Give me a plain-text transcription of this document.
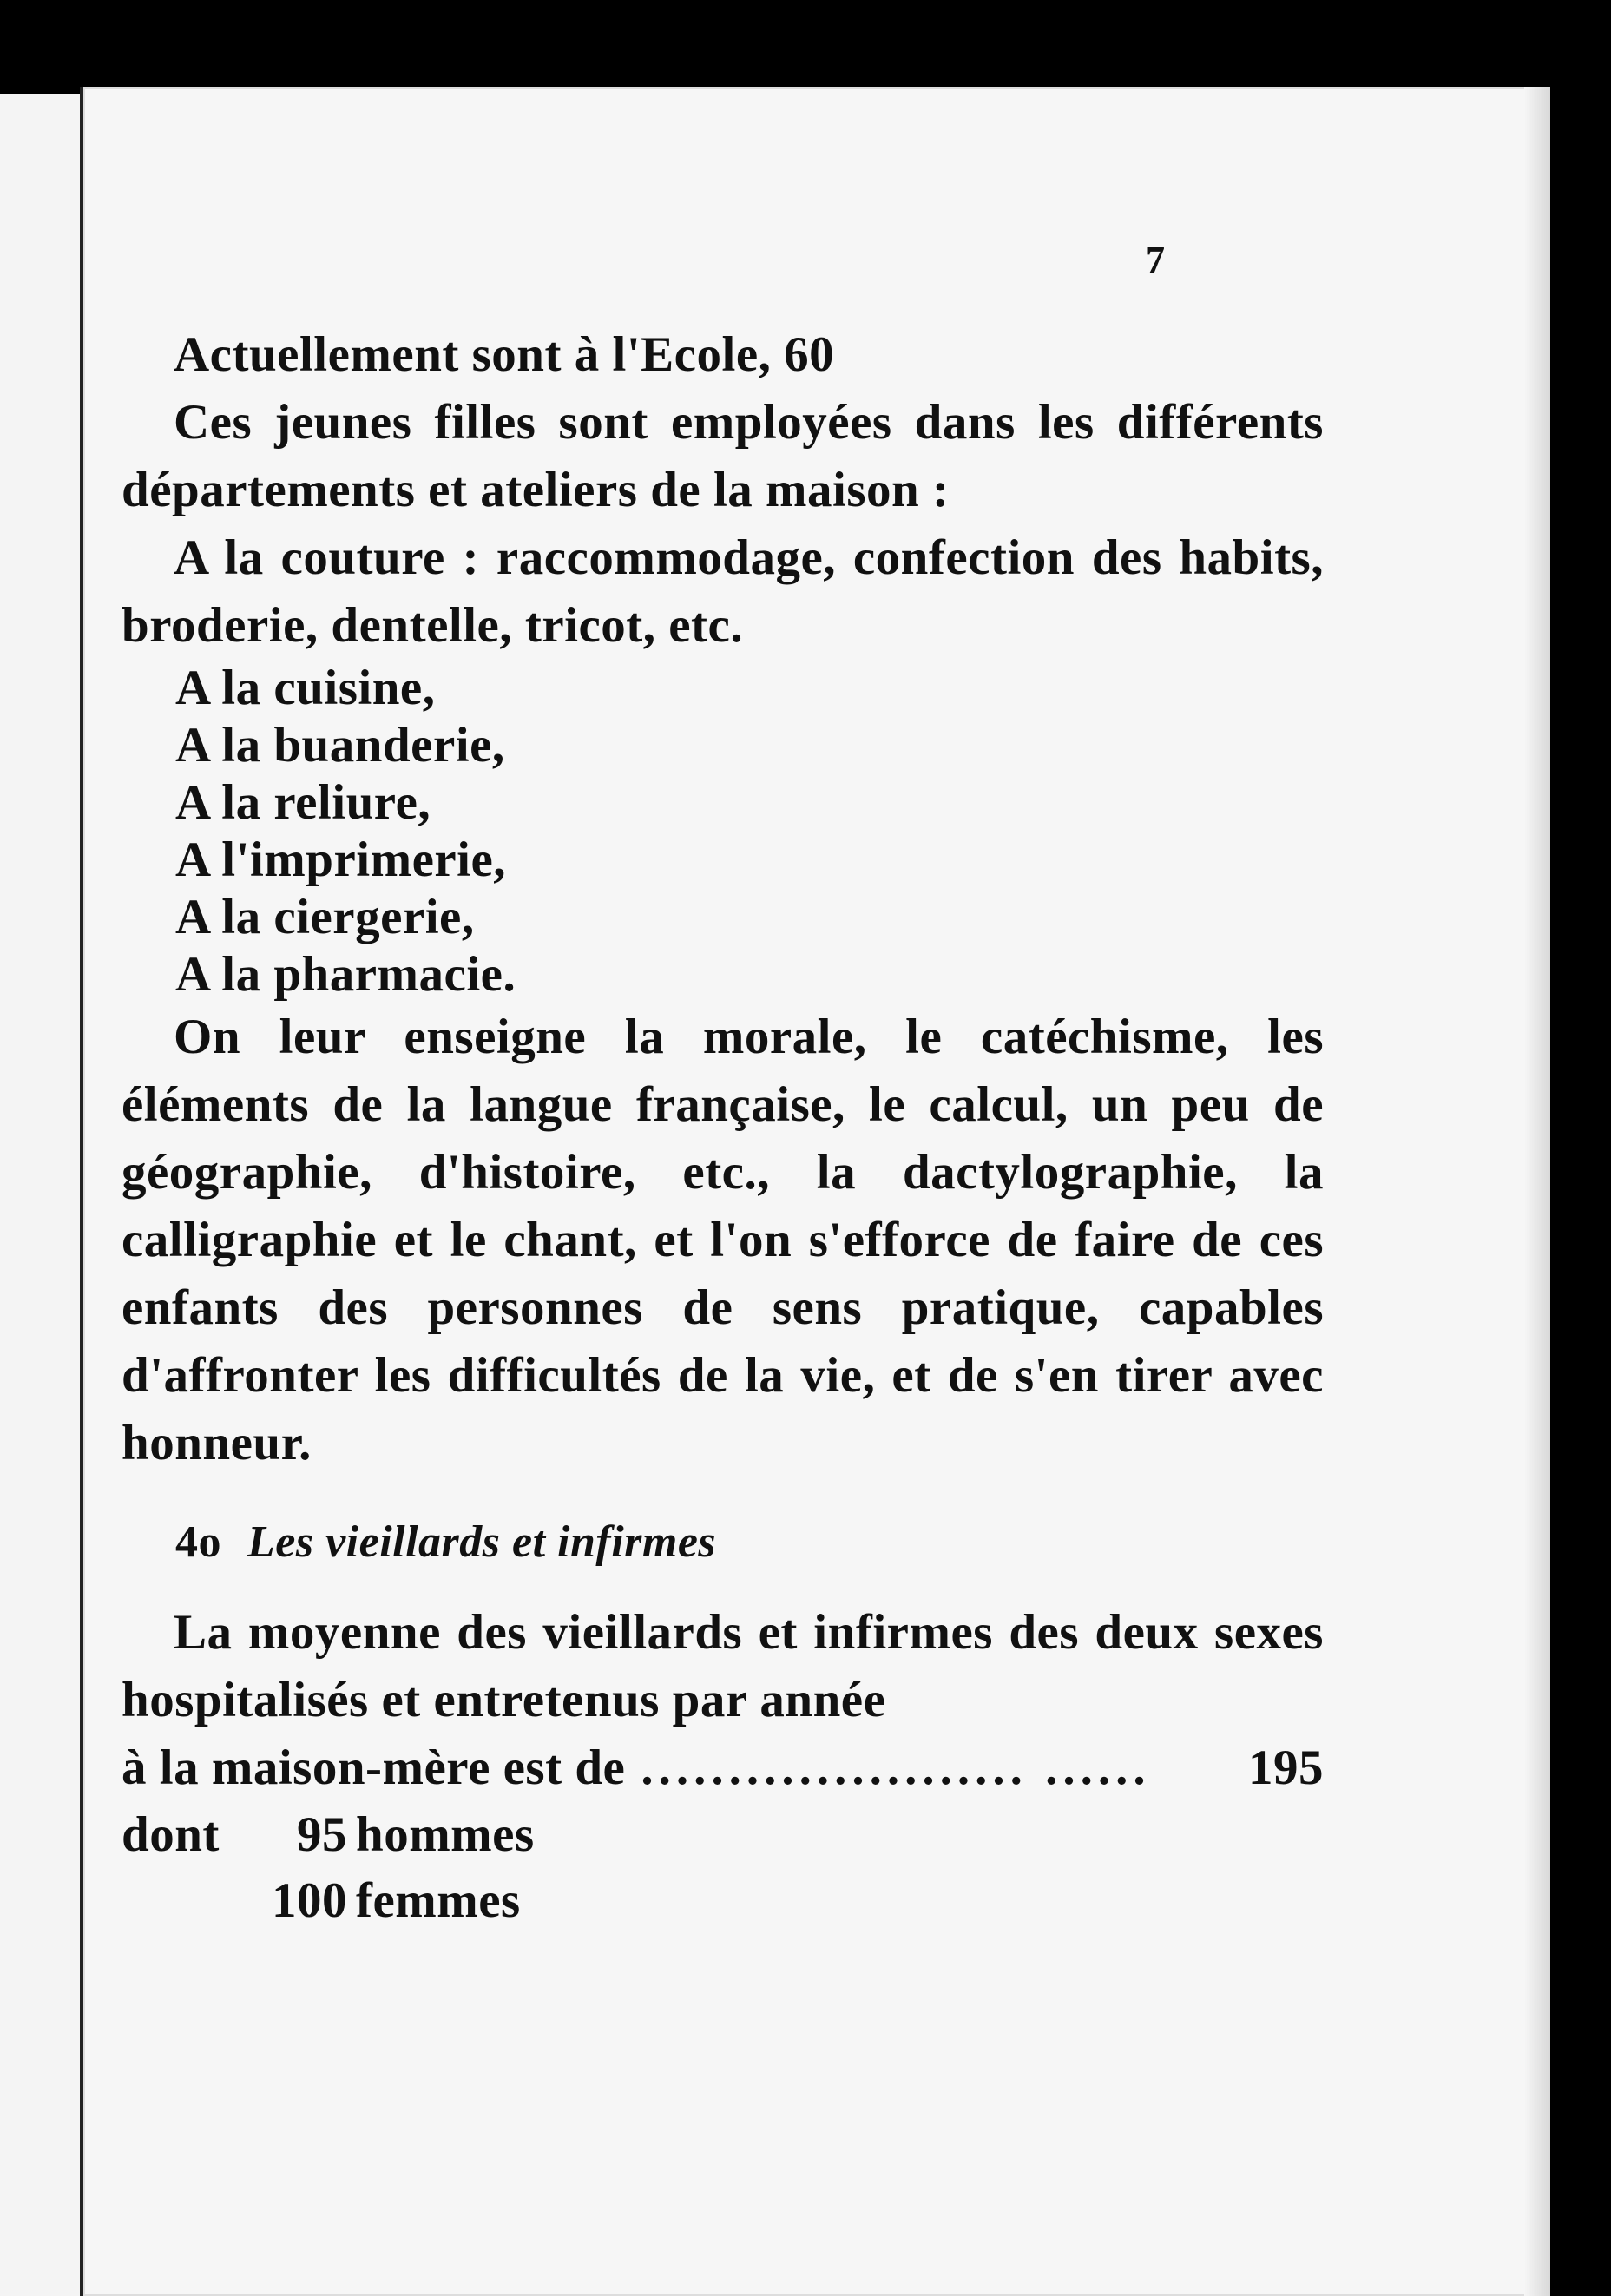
7

Actuellement sont à l'Ecole, 60

Ces jeunes filles sont employées dans les différents départements et ateliers de la maison :

A la couture : raccommodage, confection des habits, broderie, dentelle, tricot, etc.

A la cuisine,
A la buanderie,
A la reliure,
A l'imprimerie,
A la ciergerie,
A la pharmacie.

On leur enseigne la morale, le catéchisme, les éléments de la langue française, le calcul, un peu de géographie, d'histoire, etc., la dactylographie, la calligraphie et le chant, et l'on s'efforce de faire de ces enfants des personnes de sens pratique, capables d'affronter les difficultés de la vie, et de s'en tirer avec honneur.

4o Les vieillards et infirmes

La moyenne des vieillards et infirmes des deux sexes hospitalisés et entretenus par année

à la maison-mère est de ...................... ......	195
dont	95 hommes
100 femmes
